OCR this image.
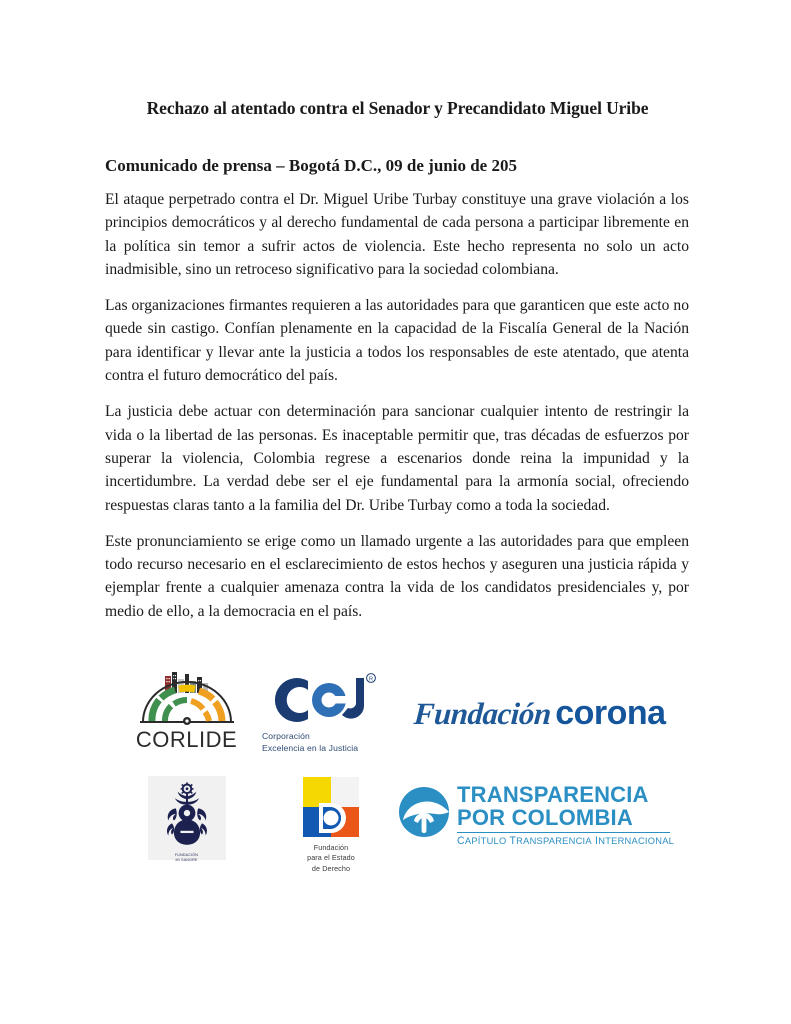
Rechazo al atentado contra el Senador y Precandidato Miguel Uribe
Comunicado de prensa – Bogotá D.C., 09 de junio de 205

El ataque perpetrado contra el Dr. Miguel Uribe Turbay constituye una grave violación a los principios democráticos y al derecho fundamental de cada persona a participar libremente en la política sin temor a sufrir actos de violencia. Este hecho representa no solo un acto inadmisible, sino un retroceso significativo para la sociedad colombiana.

Las organizaciones firmantes requieren a las autoridades para que garanticen que este acto no quede sin castigo. Confían plenamente en la capacidad de la Fiscalía General de la Nación para identificar y llevar ante la justicia a todos los responsables de este atentado, que atenta contra el futuro democrático del país.

La justicia debe actuar con determinación para sancionar cualquier intento de restringir la vida o la libertad de las personas. Es inaceptable permitir que, tras décadas de esfuerzos por superar la violencia, Colombia regrese a escenarios donde reina la impunidad y la incertidumbre. La verdad debe ser el eje fundamental para la armonía social, ofreciendo respuestas claras tanto a la familia del Dr. Uribe Turbay como a toda la sociedad.

Este pronunciamiento se erige como un llamado urgente a las autoridades para que empleen todo recurso necesario en el esclarecimiento de estos hechos y aseguren una justicia rápida y ejemplar frente a cualquier amenaza contra la vida de los candidatos presidenciales y, por medio de ello, a la democracia en el país.

CORLIDE
R
Corporación
Excelencia en la Justicia
Fundación corona
FUNDACIÓN
MI SANGRE
Fundación
para el Estado
de Derecho
TRANSPARENCIA
POR COLOMBIA
CAPÍTULO TRANSPARENCIA INTERNACIONAL
